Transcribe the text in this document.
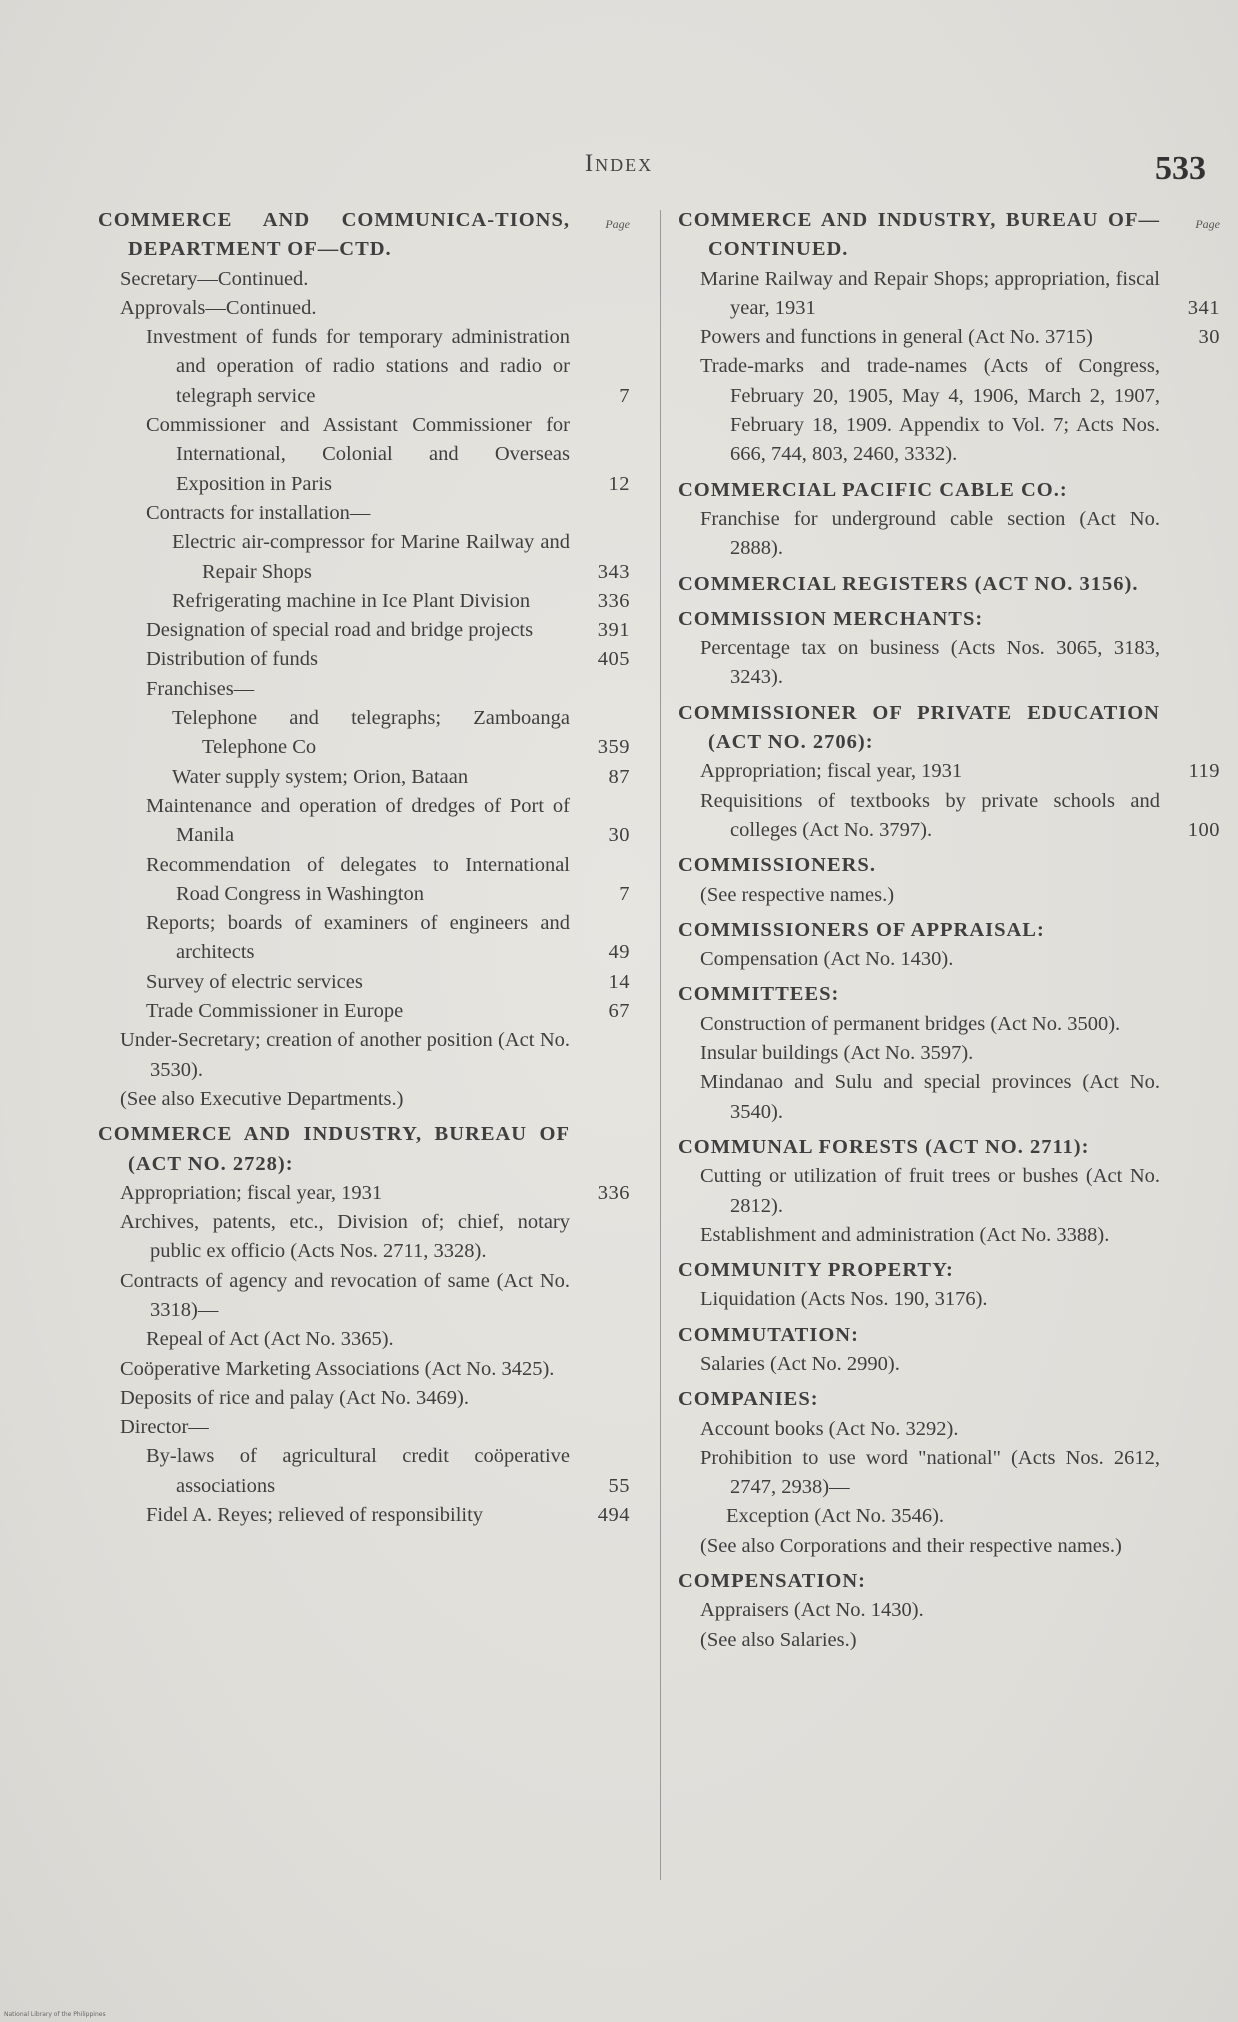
Index	533
Page
COMMERCE AND COMMUNICA-TIONS, DEPARTMENT OF—CTD.
Secretary—Continued.
Approvals—Continued.
Investment of funds for temporary administration and operation of radio stations and radio or telegraph service	7
Commissioner and Assistant Commissioner for International, Colonial and Overseas Exposition in Paris	12
Contracts for installation—
Electric air-compressor for Marine Railway and Repair Shops	343
Refrigerating machine in Ice Plant Division	336
Designation of special road and bridge projects	391
Distribution of funds	405
Franchises—
Telephone and telegraphs; Zamboanga Telephone Co	359
Water supply system; Orion, Bataan	87
Maintenance and operation of dredges of Port of Manila	30
Recommendation of delegates to International Road Congress in Washington	7
Reports; boards of examiners of engineers and architects	49
Survey of electric services	14
Trade Commissioner in Europe	67
Under-Secretary; creation of another position (Act No. 3530).
(See also Executive Departments.)
COMMERCE AND INDUSTRY, BUREAU OF (ACT NO. 2728):
Appropriation; fiscal year, 1931	336
Archives, patents, etc., Division of; chief, notary public ex officio (Acts Nos. 2711, 3328).
Contracts of agency and revocation of same (Act No. 3318)—
Repeal of Act (Act No. 3365).
Coöperative Marketing Associations (Act No. 3425).
Deposits of rice and palay (Act No. 3469).
Director—
By-laws of agricultural credit coöperative associations	55
Fidel A. Reyes; relieved of responsibility	494
Page
COMMERCE AND INDUSTRY, BUREAU OF—CONTINUED.
Marine Railway and Repair Shops; appropriation, fiscal year, 1931	341
Powers and functions in general (Act No. 3715)	30
Trade-marks and trade-names (Acts of Congress, February 20, 1905, May 4, 1906, March 2, 1907, February 18, 1909. Appendix to Vol. 7; Acts Nos. 666, 744, 803, 2460, 3332).
COMMERCIAL PACIFIC CABLE CO.:
Franchise for underground cable section (Act No. 2888).
COMMERCIAL REGISTERS (ACT NO. 3156).
COMMISSION MERCHANTS:
Percentage tax on business (Acts Nos. 3065, 3183, 3243).
COMMISSIONER OF PRIVATE EDUCATION (ACT NO. 2706):
Appropriation; fiscal year, 1931	119
Requisitions of textbooks by private schools and colleges (Act No. 3797).	100
COMMISSIONERS.
(See respective names.)
COMMISSIONERS OF APPRAISAL:
Compensation (Act No. 1430).
COMMITTEES:
Construction of permanent bridges (Act No. 3500).
Insular buildings (Act No. 3597).
Mindanao and Sulu and special provinces (Act No. 3540).
COMMUNAL FORESTS (ACT NO. 2711):
Cutting or utilization of fruit trees or bushes (Act No. 2812).
Establishment and administration (Act No. 3388).
COMMUNITY PROPERTY:
Liquidation (Acts Nos. 190, 3176).
COMMUTATION:
Salaries (Act No. 2990).
COMPANIES:
Account books (Act No. 3292).
Prohibition to use word "national" (Acts Nos. 2612, 2747, 2938)—
Exception (Act No. 3546).
(See also Corporations and their respective names.)
COMPENSATION:
Appraisers (Act No. 1430).
(See also Salaries.)
National Library of the Philippines
